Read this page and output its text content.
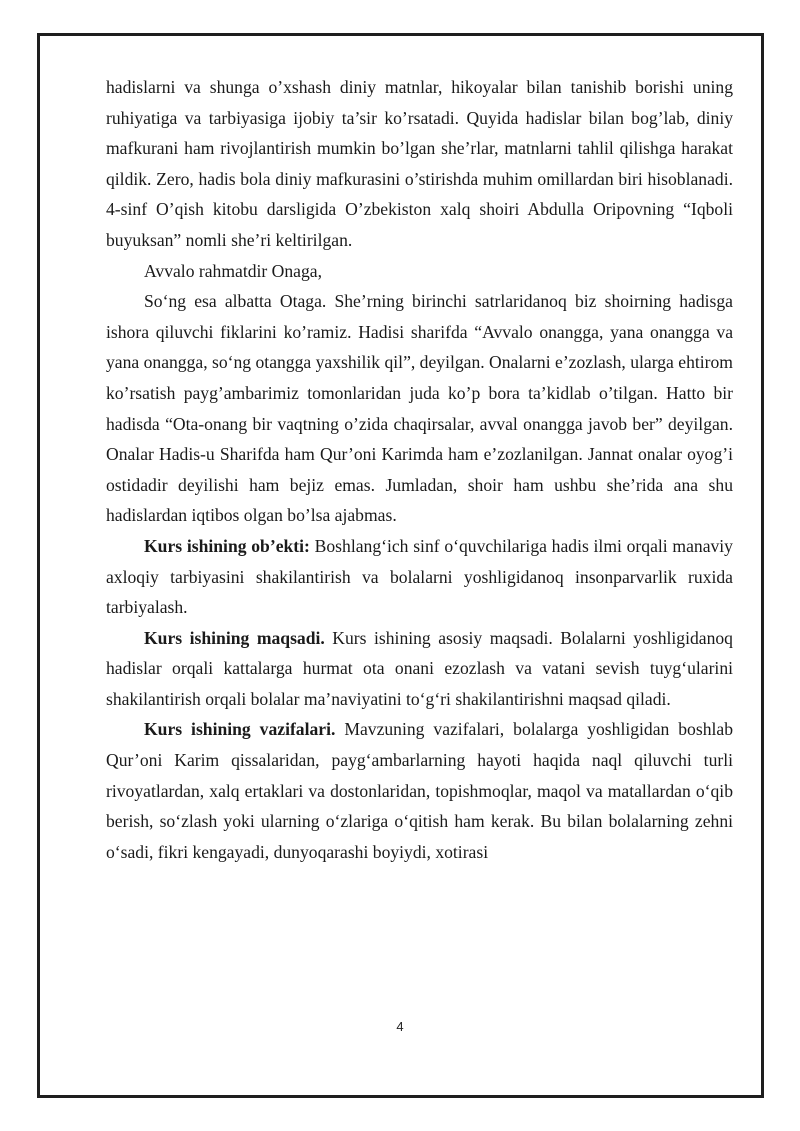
hadislarni va shunga o’xshash diniy matnlar, hikoyalar bilan tanishib borishi uning ruhiyatiga va tarbiyasiga ijobiy ta’sir ko’rsatadi. Quyida hadislar bilan bog’lab, diniy mafkurani ham rivojlantirish mumkin bo’lgan she’rlar, matnlarni tahlil qilishga harakat qildik. Zero, hadis bola diniy mafkurasini o’stirishda muhim omillardan biri hisoblanadi. 4-sinf O’qish kitobu darsligida O’zbekiston xalq shoiri Abdulla Oripovning “Iqboli buyuksan” nomli she’ri keltirilgan.

Avvalo rahmatdir Onaga,

So‘ng esa albatta Otaga. She’rning birinchi satrlaridanoq biz shoirning hadisga ishora qiluvchi fiklarini ko’ramiz. Hadisi sharifda “Avvalo onangga, yana onangga va yana onangga, so‘ng otangga yaxshilik qil”, deyilgan. Onalarni e’zozlash, ularga ehtirom ko’rsatish payg’ambarimiz tomonlaridan juda ko’p bora ta’kidlab o’tilgan. Hatto bir hadisda “Ota-onang bir vaqtning o’zida chaqirsalar, avval onangga javob ber” deyilgan. Onalar Hadis-u Sharifda ham Qur’oni Karimda ham e’zozlanilgan. Jannat onalar oyog’i ostidadir deyilishi ham bejiz emas. Jumladan, shoir ham ushbu she’rida ana shu hadislardan iqtibos olgan bo’lsa ajabmas.

Kurs ishining ob’ekti: Boshlang‘ich sinf o‘quvchilariga hadis ilmi orqali manaviy axloqiy tarbiyasini shakilantirish va bolalarni yoshligidanoq insonparvarlik ruxida tarbiyalash.

Kurs ishining maqsadi. Kurs ishining asosiy maqsadi. Bolalarni yoshligidanoq hadislar orqali kattalarga hurmat ota onani ezozlash va vatani sevish tuyg‘ularini shakilantirish orqali bolalar ma’naviyatini to‘g‘ri shakilantirishni maqsad qiladi.

Kurs ishining vazifalari. Mavzuning vazifalari, bolalarga yoshligidan boshlab Qur’oni Karim qissalaridan, payg‘ambarlarning hayoti haqida naql qiluvchi turli rivoyatlardan, xalq ertaklari va dostonlaridan, topishmoqlar, maqol va matallardan o‘qib berish, so‘zlash yoki ularning o‘zlariga o‘qitish ham kerak. Bu bilan bolalarning zehni o‘sadi, fikri kengayadi, dunyoqarashi boyiydi, xotirasi

4
